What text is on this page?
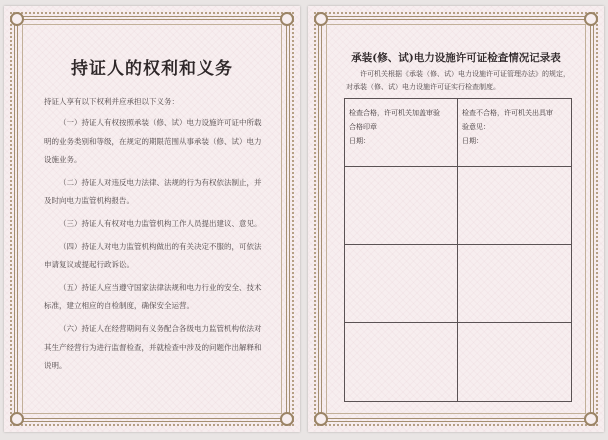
持证人的权利和义务
持证人享有以下权利并应承担以下义务：

（一）持证人有权按照承装（修、试）电力设施许可证中所载明的业务类别和等级，在规定的期限范围从事承装（修、试）电力设施业务。

（二）持证人对违反电力法律、法规的行为有权依法制止，并及时向电力监管机构报告。

（三）持证人有权对电力监管机构工作人员提出建议、意见。

（四）持证人对电力监管机构做出的有关决定不服的，可依法申请复议或提起行政诉讼。

（五）持证人应当遵守国家法律法规和电力行业的安全、技术标准，建立相应的自检制度，确保安全运营。

（六）持证人在经营期间有义务配合各级电力监管机构依法对其生产经营行为进行监督检查，并就检查中涉及的问题作出解释和说明。

承装(修、试)电力设施许可证检查情况记录表
许可机关根据《承装（修、试）电力设施许可证管理办法》的规定，对承装（修、试）电力设施许可证实行检查制度。
检查合格，许可机关加盖审验
合格印章
日期：
检查不合格，许可机关出具审
验意见：
日期：
